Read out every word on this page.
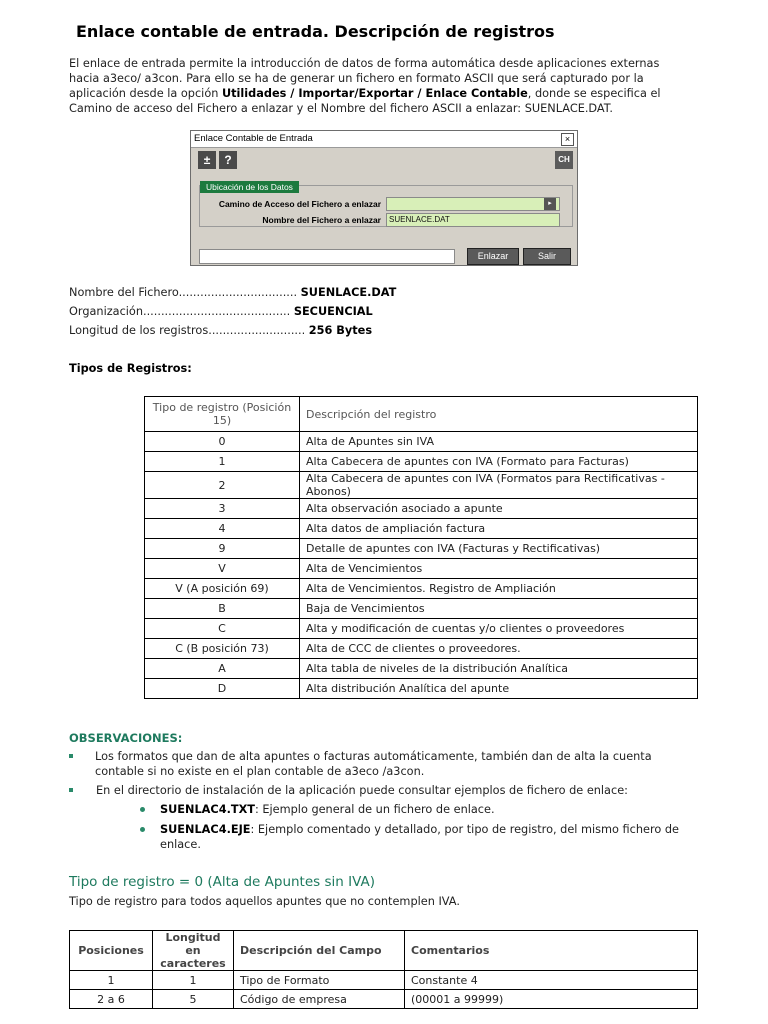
Enlace contable de entrada. Descripción de registros

El enlace de entrada permite la introducción de datos de forma automática desde aplicaciones externas hacia a3eco/ a3con. Para ello se ha de generar un fichero en formato ASCII que será capturado por la aplicación desde la opción Utilidades / Importar/Exportar / Enlace Contable, donde se especifica el Camino de acceso del Fichero a enlazar y el Nombre del fichero ASCII a enlazar: SUENLACE.DAT.

Enlace Contable de Entrada	×
±	?	CH
Ubicación de los Datos
Camino de Acceso del Fichero a enlazar	▸
Nombre del Fichero a enlazar	SUENLACE.DAT
Enlazar	Salir
Nombre del Fichero................................. SUENLACE.DAT
Organización......................................... SECUENCIAL
Longitud de los registros........................... 256 Bytes
Tipos de Registros:
Tipo de registro (Posición 15)	Descripción del registro
0	Alta de Apuntes sin IVA
1	Alta Cabecera de apuntes con IVA (Formato para Facturas)
2	Alta Cabecera de apuntes con IVA (Formatos para Rectificativas - Abonos)
3	Alta observación asociado a apunte
4	Alta datos de ampliación factura
9	Detalle de apuntes con IVA (Facturas y Rectificativas)
V	Alta de Vencimientos
V (A posición 69)	Alta de Vencimientos. Registro de Ampliación
B	Baja de Vencimientos
C	Alta y modificación de cuentas y/o clientes o proveedores
C (B posición 73)	Alta de CCC de clientes o proveedores.
A	Alta tabla de niveles de la distribución Analítica
D	Alta distribución Analítica del apunte
OBSERVACIONES:
Los formatos que dan de alta apuntes o facturas automáticamente, también dan de alta la cuenta contable si no existe en el plan contable de a3eco /a3con.
En el directorio de instalación de la aplicación puede consultar ejemplos de fichero de enlace:
SUENLAC4.TXT: Ejemplo general de un fichero de enlace.
SUENLAC4.EJE: Ejemplo comentado y detallado, por tipo de registro, del mismo fichero de enlace.
Tipo de registro = 0 (Alta de Apuntes sin IVA)
Tipo de registro para todos aquellos apuntes que no contemplen IVA.
Posiciones	Longitud en caracteres	Descripción del Campo	Comentarios
1	1	Tipo de Formato	Constante 4
2 a 6	5	Código de empresa	(00001 a 99999)
